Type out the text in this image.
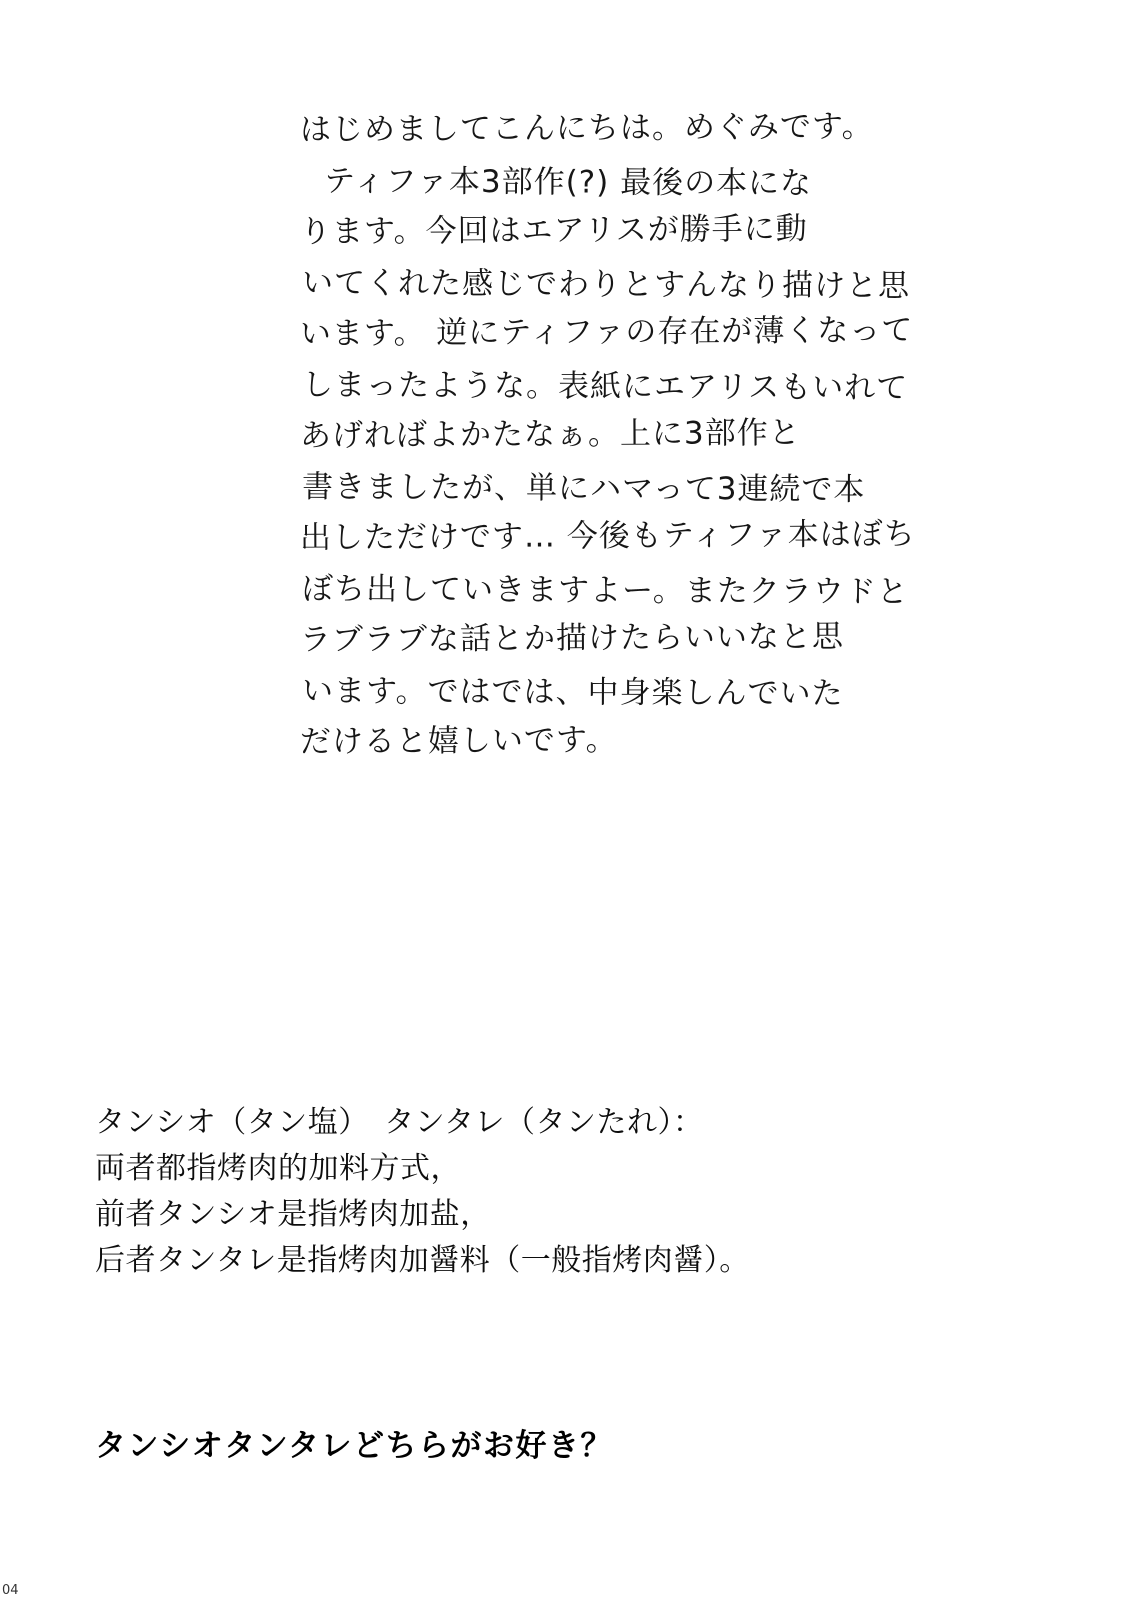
はじめましてこんにちは。めぐみです。
ティファ本3部作(?) 最後の本にな
ります。今回はエアリスが勝手に動
いてくれた感じでわりとすんなり描けと思
います。 逆にティファの存在が薄くなって
しまったような。表紙にエアリスもいれて
あげればよかたなぁ。上に3部作と
書きましたが、単にハマって3連続で本
出しただけです… 今後もティファ本はぼち
ぼち出していきますよー。またクラウドと
ラブラブな話とか描けたらいいなと思
います。ではでは、中身楽しんでいた
だけると嬉しいです。
タンシオ（タン塩）　タンタレ（タンたれ）：
両者都指烤肉的加料方式，
前者タンシオ是指烤肉加盐，
后者タンタレ是指烤肉加醤料（一般指烤肉醤）。
タンシオタンタレどちらがお好き？
04
